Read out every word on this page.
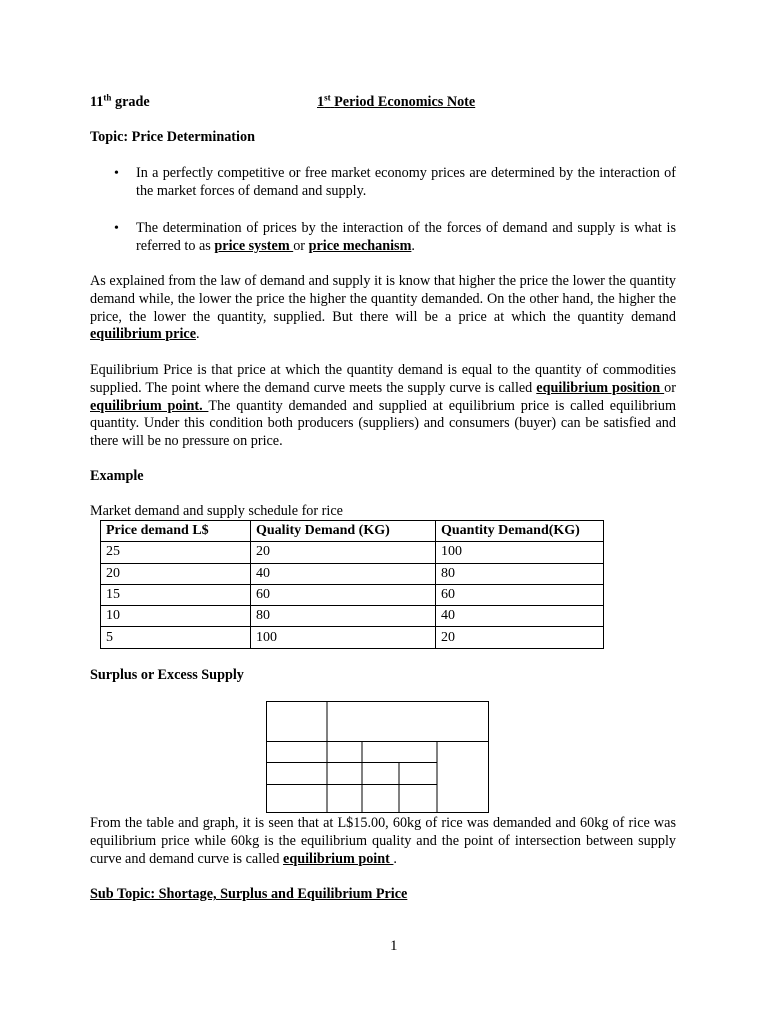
11th grade	1st Period Economics Note
Topic: Price Determination
• In a perfectly competitive or free market economy prices are determined by the interaction of the market forces of demand and supply.
• The determination of prices by the interaction of the forces of demand and supply is what is referred to as price system or price mechanism.
As explained from the law of demand and supply it is know that higher the price the lower the quantity demand while, the lower the price the higher the quantity demanded. On the other hand, the higher the price, the lower the quantity, supplied. But there will be a price at which the quantity demand equilibrium price.
Equilibrium Price is that price at which the quantity demand is equal to the quantity of commodities supplied. The point where the demand curve meets the supply curve is called equilibrium position or equilibrium point. The quantity demanded and supplied at equilibrium price is called equilibrium quantity. Under this condition both producers (suppliers) and consumers (buyer) can be satisfied and there will be no pressure on price.
Example
Market demand and supply schedule for rice
Price demand L$	Quality Demand (KG)	Quantity Demand(KG)
25	20	100
20	40	80
15	60	60
10	80	40
5	100	20
Surplus or Excess Supply
From the table and graph, it is seen that at L$15.00, 60kg of rice was demanded and 60kg of rice was equilibrium price while 60kg is the equilibrium quality and the point of intersection between supply curve and demand curve is called equilibrium point .
Sub Topic: Shortage, Surplus and Equilibrium Price
1
